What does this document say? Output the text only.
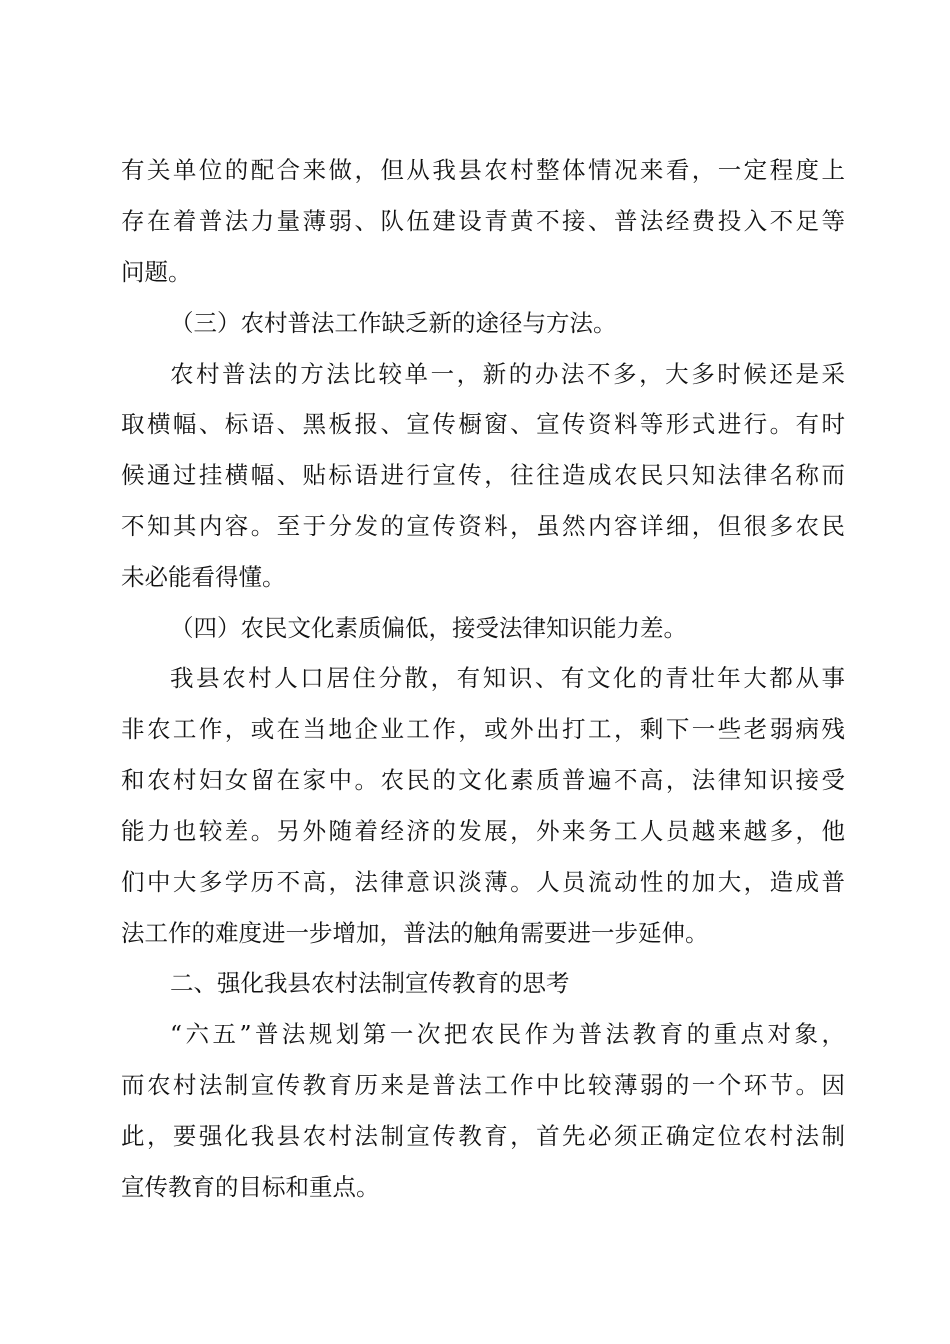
有关单位的配合来做，但从我县农村整体情况来看，一定程度上

存在着普法力量薄弱、队伍建设青黄不接、普法经费投入不足等

问题。

（三）农村普法工作缺乏新的途径与方法。

农村普法的方法比较单一，新的办法不多，大多时候还是采

取横幅、标语、黑板报、宣传橱窗、宣传资料等形式进行。有时

候通过挂横幅、贴标语进行宣传，往往造成农民只知法律名称而

不知其内容。至于分发的宣传资料，虽然内容详细，但很多农民

未必能看得懂。

（四）农民文化素质偏低，接受法律知识能力差。

我县农村人口居住分散，有知识、有文化的青壮年大都从事

非农工作，或在当地企业工作，或外出打工，剩下一些老弱病残

和农村妇女留在家中。农民的文化素质普遍不高，法律知识接受

能力也较差。另外随着经济的发展，外来务工人员越来越多，他

们中大多学历不高，法律意识淡薄。人员流动性的加大，造成普

法工作的难度进一步增加，普法的触角需要进一步延伸。

二、强化我县农村法制宣传教育的思考

“六五”普法规划第一次把农民作为普法教育的重点对象，

而农村法制宣传教育历来是普法工作中比较薄弱的一个环节。因

此，要强化我县农村法制宣传教育，首先必须正确定位农村法制

宣传教育的目标和重点。
